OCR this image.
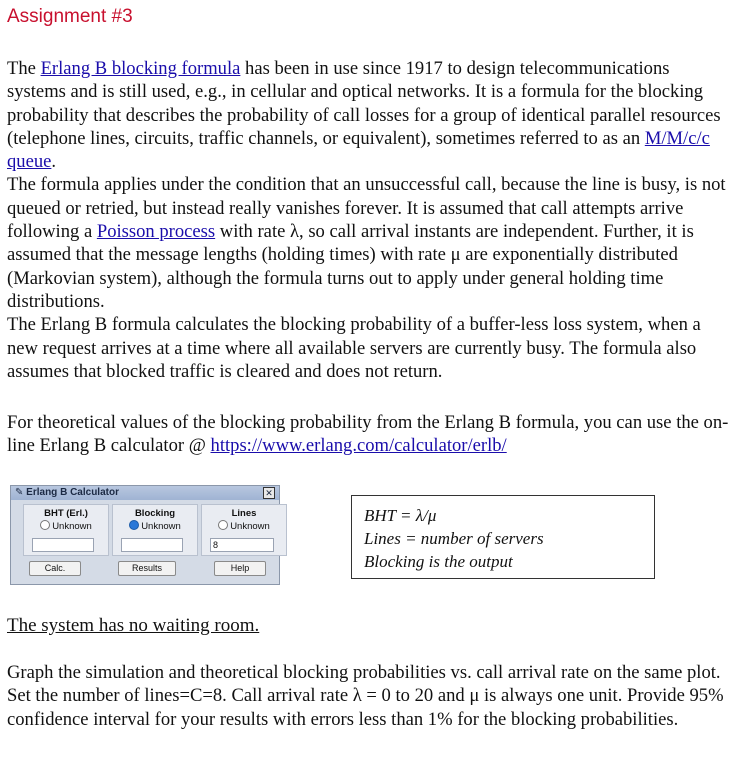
Assignment #3
The Erlang B blocking formula has been in use since 1917 to design telecommunications systems and is still used, e.g., in cellular and optical networks. It is a formula for the blocking probability that describes the probability of call losses for a group of identical parallel resources (telephone lines, circuits, traffic channels, or equivalent), sometimes referred to as an M/M/c/c queue.
The formula applies under the condition that an unsuccessful call, because the line is busy, is not queued or retried, but instead really vanishes forever. It is assumed that call attempts arrive following a Poisson process with rate λ, so call arrival instants are independent. Further, it is assumed that the message lengths (holding times) with rate μ are exponentially distributed (Markovian system), although the formula turns out to apply under general holding time distributions.
The Erlang B formula calculates the blocking probability of a buffer-less loss system, when a new request arrives at a time where all available servers are currently busy. The formula also assumes that blocked traffic is cleared and does not return.
For theoretical values of the blocking probability from the Erlang B formula, you can use the on-line Erlang B calculator @ https://www.erlang.com/calculator/erlb/
✎ Erlang B Calculator	✕
BHT (Erl.)
Unknown
Blocking
Unknown
Lines
Unknown
8
Calc.	Results	Help
BHT = λ/μ
Lines = number of servers
Blocking is the output
The system has no waiting room.
Graph the simulation and theoretical blocking probabilities vs. call arrival rate on the same plot. Set the number of lines=C=8. Call arrival rate λ = 0 to 20 and μ is always one unit. Provide 95% confidence interval for your results with errors less than 1% for the blocking probabilities.
